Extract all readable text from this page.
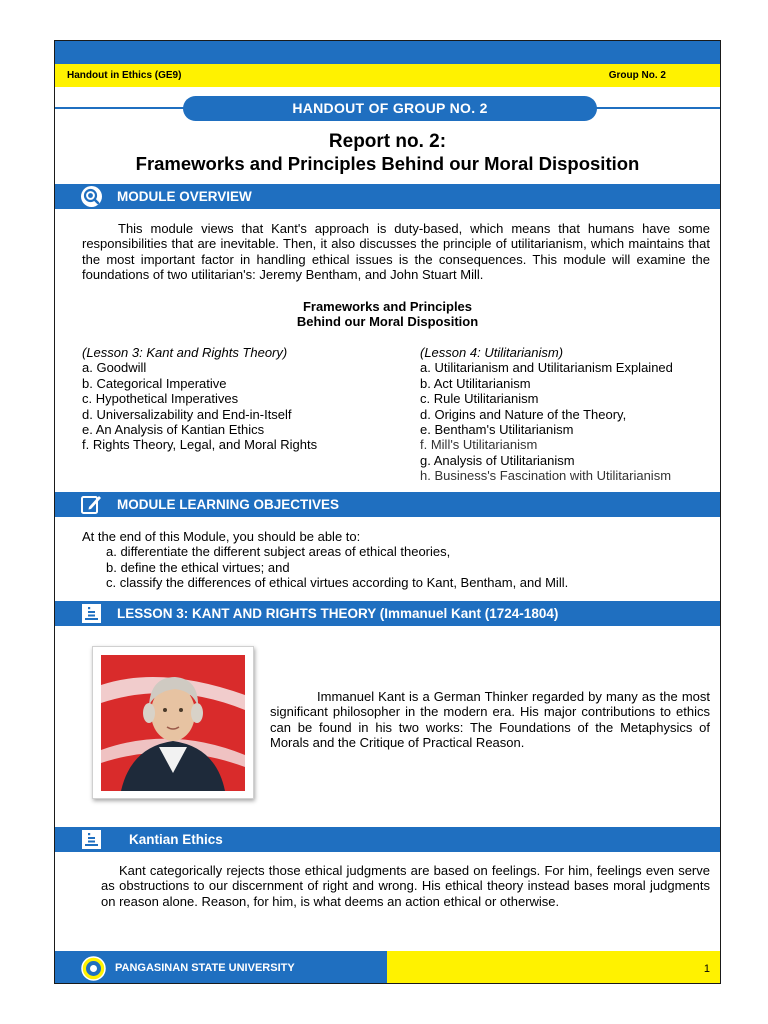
Handout in Ethics (GE9)	Group No. 2
HANDOUT OF GROUP NO. 2
Report no. 2:
Frameworks and Principles Behind our Moral Disposition
MODULE OVERVIEW
This module views that Kant's approach is duty-based, which means that humans have some responsibilities that are inevitable. Then, it also discusses the principle of utilitarianism, which maintains that the most important factor in handling ethical issues is the consequences. This module will examine the foundations of two utilitarian's: Jeremy Bentham, and John Stuart Mill.
Frameworks and Principles
Behind our Moral Disposition
(Lesson 3: Kant and Rights Theory)
a. Goodwill
b. Categorical Imperative
c. Hypothetical Imperatives
d. Universalizability and End-in-Itself
e. An Analysis of Kantian Ethics
f. Rights Theory, Legal, and Moral Rights
(Lesson 4: Utilitarianism)
a. Utilitarianism and Utilitarianism Explained
b. Act Utilitarianism
c. Rule Utilitarianism
d. Origins and Nature of the Theory,
e. Bentham's Utilitarianism
f. Mill's Utilitarianism
g. Analysis of Utilitarianism
h. Business's Fascination with Utilitarianism
MODULE LEARNING OBJECTIVES
At the end of this Module, you should be able to:
a. differentiate the different subject areas of ethical theories,
b. define the ethical virtues; and
c. classify the differences of ethical virtues according to Kant, Bentham, and Mill.
LESSON 3: KANT AND RIGHTS THEORY (Immanuel Kant (1724-1804)
Immanuel Kant is a German Thinker regarded by many as the most significant philosopher in the modern era. His major contributions to ethics can be found in his two works: The Foundations of the Metaphysics of Morals and the Critique of Practical Reason.
Kantian Ethics
Kant categorically rejects those ethical judgments are based on feelings. For him, feelings even serve as obstructions to our discernment of right and wrong. His ethical theory instead bases moral judgments on reason alone. Reason, for him, is what deems an action ethical or otherwise.
PANGASINAN STATE UNIVERSITY	1
